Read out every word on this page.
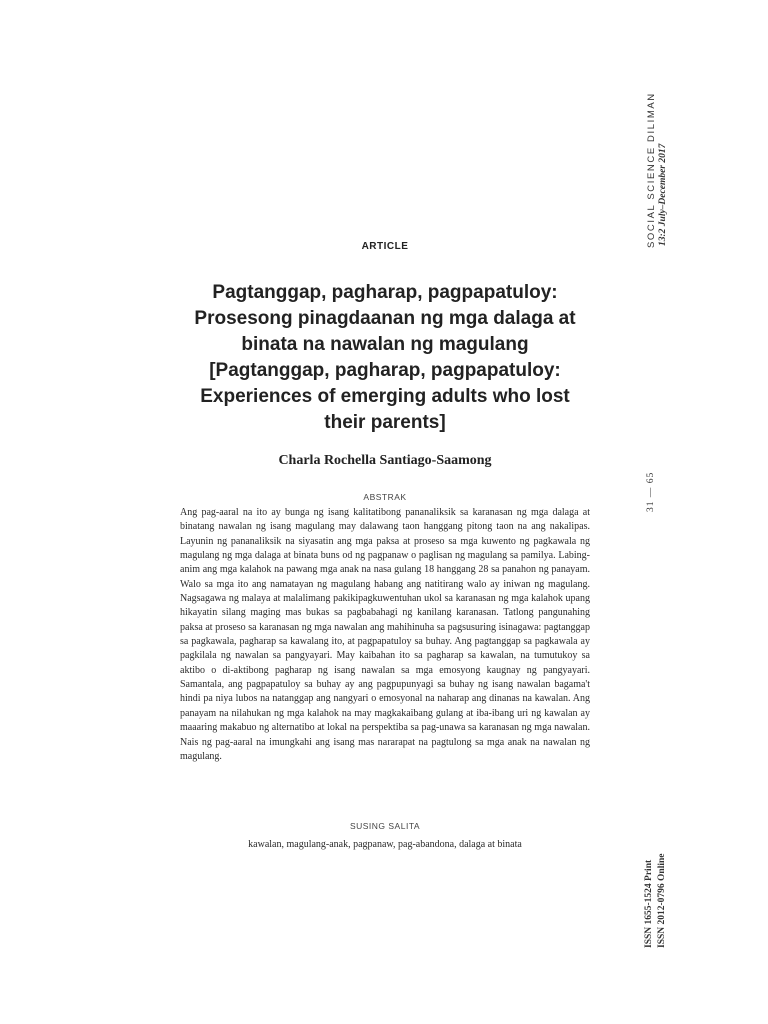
SOCIAL SCIENCE DILIMAN 13:2 July–December 2017
31 — 65
ISSN 1655-1524 Print ISSN 2012-0796 Online
ARTICLE
Pagtanggap, pagharap, pagpapatuloy: Prosesong pinagdaanan ng mga dalaga at binata na nawalan ng magulang [Pagtanggap, pagharap, pagpapatuloy: Experiences of emerging adults who lost their parents]
Charla Rochella Santiago-Saamong
ABSTRAK

Ang pag-aaral na ito ay bunga ng isang kalitatibong pananaliksik sa karanasan ng mga dalaga at binatang nawalan ng isang magulang may dalawang taon hanggang pitong taon na ang nakalipas. Layunin ng pananaliksik na siyasatin ang mga paksa at proseso sa mga kuwento ng pagkawala ng magulang ng mga dalaga at binata buns od ng pagpanaw o paglisan ng magulang sa pamilya. Labing-anim ang mga kalahok na pawang mga anak na nasa gulang 18 hanggang 28 sa panahon ng panayam. Walo sa mga ito ang namatayan ng magulang habang ang natitirang walo ay iniwan ng magulang. Nagsagawa ng malaya at malalimang pakikipagkuwentuhan ukol sa karanasan ng mga kalahok upang hikayatin silang maging mas bukas sa pagbabahagi ng kanilang karanasan. Tatlong pangunahing paksa at proseso sa karanasan ng mga nawalan ang mahihinuha sa pagsusuring isinagawa: pagtanggap sa pagkawala, pagharap sa kawalang ito, at pagpapatuloy sa buhay. Ang pagtanggap sa pagkawala ay pagkilala ng nawalan sa pangyayari. May kaibahan ito sa pagharap sa kawalan, na tumutukoy sa aktibo o di-aktibong pagharap ng isang nawalan sa mga emosyong kaugnay ng pangyayari. Samantala, ang pagpapatuloy sa buhay ay ang pagpupunyagi sa buhay ng isang nawalan bagama't hindi pa niya lubos na natanggap ang nangyari o emosyonal na naharap ang dinanas na kawalan. Ang panayam na nilahukan ng mga kalahok na may magkakaibang gulang at iba-ibang uri ng kawalan ay maaaring makabuo ng alternatibo at lokal na perspektiba sa pag-unawa sa karanasan ng mga nawalan. Nais ng pag-aaral na imungkahi ang isang mas nararapat na pagtulong sa mga anak na nawalan ng magulang.

SUSING SALITA
kawalan, magulang-anak, pagpanaw, pag-abandona, dalaga at binata
